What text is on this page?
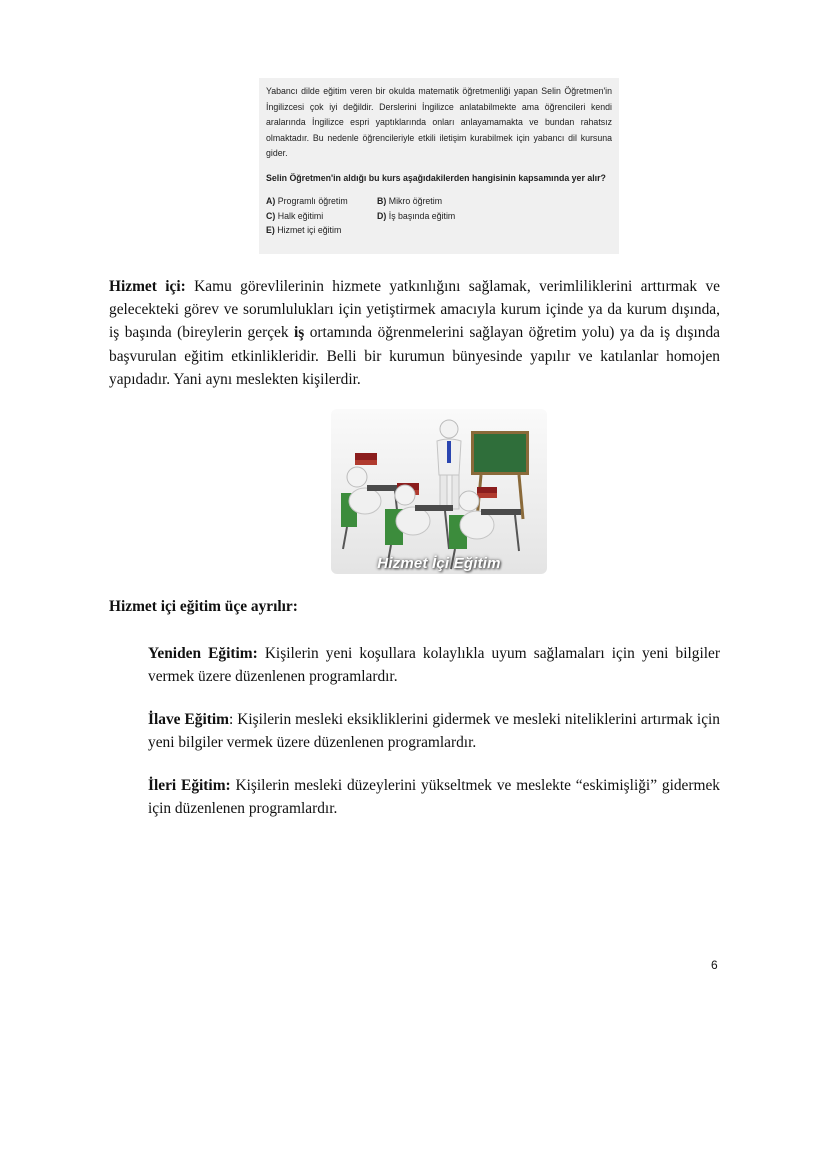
Yabancı dilde eğitim veren bir okulda matematik öğretmenliği yapan Selin Öğretmen'in İngilizcesi çok iyi değildir. Derslerini İngilizce anlatabilmekte ama öğrencileri kendi aralarında İngilizce espri yaptıklarında onları anlayamamakta ve bundan rahatsız olmaktadır. Bu nedenle öğrencileriyle etkili iletişim kurabilmek için yabancı dil kursuna gider.
Selin Öğretmen'in aldığı bu kurs aşağıdakilerden hangisinin kapsamında yer alır?
A) Programlı öğretim	B) Mikro öğretim
C) Halk eğitimi	D) İş başında eğitim
E) Hizmet içi eğitim
Hizmet içi: Kamu görevlilerinin hizmete yatkınlığını sağlamak, verimliliklerini arttırmak ve gelecekteki görev ve sorumlulukları için yetiştirmek amacıyla kurum içinde ya da kurum dışında, iş başında (bireylerin gerçek iş ortamında öğrenmelerini sağlayan öğretim yolu) ya da iş dışında başvurulan eğitim etkinlikleridir. Belli bir kurumun bünyesinde yapılır ve katılanlar homojen yapıdadır. Yani aynı meslekten kişilerdir.
Hizmet İçi Eğitim
Hizmet içi eğitim üçe ayrılır:
Yeniden Eğitim: Kişilerin yeni koşullara kolaylıkla uyum sağlamaları için yeni bilgiler vermek üzere düzenlenen programlardır.
İlave Eğitim: Kişilerin mesleki eksikliklerini gidermek ve mesleki niteliklerini artırmak için yeni bilgiler vermek üzere düzenlenen programlardır.
İleri Eğitim: Kişilerin mesleki düzeylerini yükseltmek ve meslekte “eskimişliği” gidermek için düzenlenen programlardır.
6
